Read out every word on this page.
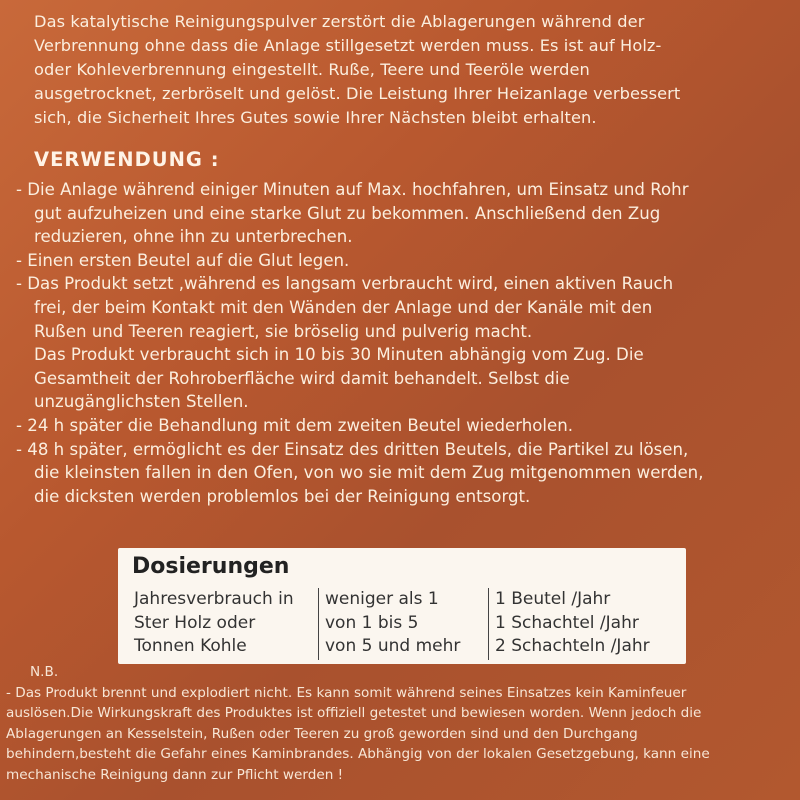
Das katalytische Reinigungspulver zerstört die Ablagerungen während der
Verbrennung ohne dass die Anlage stillgesetzt werden muss. Es ist auf Holz-
oder Kohleverbrennung eingestellt. Ruße, Teere und Teeröle werden
ausgetrocknet, zerbröselt und gelöst. Die Leistung Ihrer Heizanlage verbessert
sich, die Sicherheit Ihres Gutes sowie Ihrer Nächsten bleibt erhalten.
VERWENDUNG :
- Die Anlage während einiger Minuten auf Max. hochfahren, um Einsatz und Rohr
gut aufzuheizen und eine starke Glut zu bekommen. Anschließend den Zug
reduzieren, ohne ihn zu unterbrechen.
- Einen ersten Beutel auf die Glut legen.
- Das Produkt setzt ,während es langsam verbraucht wird, einen aktiven Rauch
frei, der beim Kontakt mit den Wänden der Anlage und der Kanäle mit den
Rußen und Teeren reagiert, sie bröselig und pulverig macht.
Das Produkt verbraucht sich in 10 bis 30 Minuten abhängig vom Zug. Die
Gesamtheit der Rohroberfläche wird damit behandelt. Selbst die
unzugänglichsten Stellen.
- 24 h später die Behandlung mit dem zweiten Beutel wiederholen.
- 48 h später, ermöglicht es der Einsatz des dritten Beutels, die Partikel zu lösen,
die kleinsten fallen in den Ofen, von wo sie mit dem Zug mitgenommen werden,
die dicksten werden problemlos bei der Reinigung entsorgt.
Dosierungen
Jahresverbrauch in
Ster Holz oder
Tonnen Kohle
weniger als 1
von 1 bis 5
von 5 und mehr
1 Beutel /Jahr
1 Schachtel /Jahr
2 Schachteln /Jahr
N.B.
- Das Produkt brennt und explodiert nicht. Es kann somit während seines Einsatzes kein Kaminfeuer
auslösen.Die Wirkungskraft des Produktes ist offiziell getestet und bewiesen worden. Wenn jedoch die
Ablagerungen an Kesselstein, Rußen oder Teeren zu groß geworden sind und den Durchgang
behindern,besteht die Gefahr eines Kaminbrandes. Abhängig von der lokalen Gesetzgebung, kann eine
mechanische Reinigung dann zur Pflicht werden !
